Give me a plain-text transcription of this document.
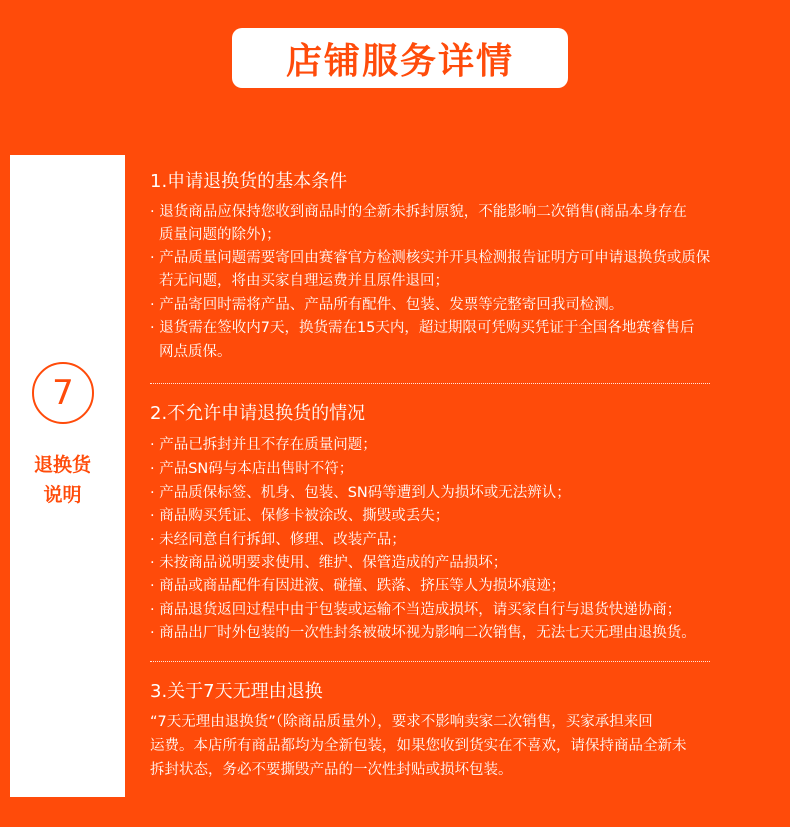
店铺服务详情
7
退换货
说明
1.申请退换货的基本条件
· 退货商品应保持您收到商品时的全新未拆封原貌，不能影响二次销售(商品本身存在
质量问题的除外)；
· 产品质量问题需要寄回由赛睿官方检测核实并开具检测报告证明方可申请退换货或质保
若无问题，将由买家自理运费并且原件退回；
· 产品寄回时需将产品、产品所有配件、包装、发票等完整寄回我司检测。
· 退货需在签收内7天，换货需在15天内，超过期限可凭购买凭证于全国各地赛睿售后
网点质保。
2.不允许申请退换货的情况
· 产品已拆封并且不存在质量问题；
· 产品SN码与本店出售时不符；
· 产品质保标签、机身、包装、SN码等遭到人为损坏或无法辨认；
· 商品购买凭证、保修卡被涂改、撕毁或丢失；
· 未经同意自行拆卸、修理、改装产品；
· 未按商品说明要求使用、维护、保管造成的产品损坏；
· 商品或商品配件有因进液、碰撞、跌落、挤压等人为损坏痕迹；
· 商品退货返回过程中由于包装或运输不当造成损坏，请买家自行与退货快递协商；
· 商品出厂时外包装的一次性封条被破坏视为影响二次销售，无法七天无理由退换货。
3.关于7天无理由退换
“7天无理由退换货”（除商品质量外），要求不影响卖家二次销售，买家承担来回
运费。本店所有商品都均为全新包装，如果您收到货实在不喜欢，请保持商品全新未
拆封状态，务必不要撕毁产品的一次性封贴或损坏包装。
